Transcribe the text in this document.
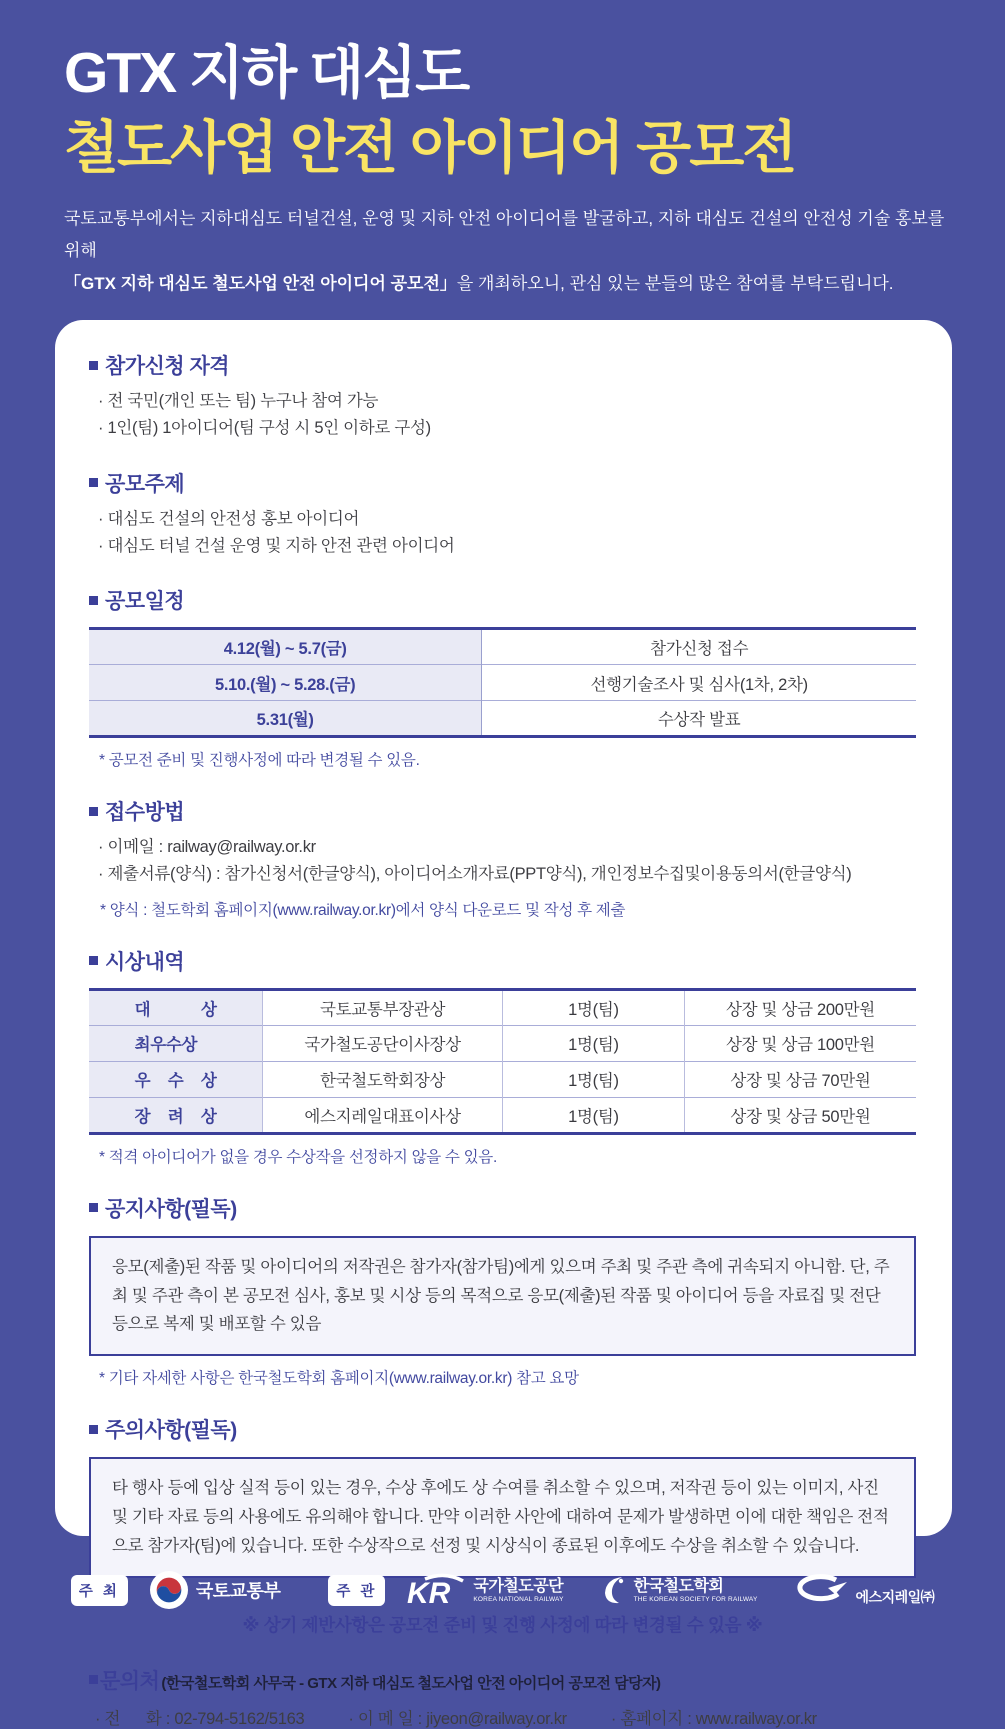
GTX 지하 대심도
철도사업 안전 아이디어 공모전
국토교통부에서는 지하대심도 터널건설, 운영 및 지하 안전 아이디어를 발굴하고, 지하 대심도 건설의 안전성 기술 홍보를 위해
「GTX 지하 대심도 철도사업 안전 아이디어 공모전」을 개최하오니, 관심 있는 분들의 많은 참여를 부탁드립니다.
참가신청 자격
· 전 국민(개인 또는 팀) 누구나 참여 가능
· 1인(팀) 1아이디어(팀 구성 시 5인 이하로 구성)
공모주제
· 대심도 건설의 안전성 홍보 아이디어
· 대심도 터널 건설 운영 및 지하 안전 관련 아이디어
공모일정
4.12(월) ~ 5.7(금)	참가신청 접수
5.10.(월) ~ 5.28.(금)	선행기술조사 및 심사(1차, 2차)
5.31(월)	수상작 발표
* 공모전 준비 및 진행사정에 따라 변경될 수 있음.
접수방법
· 이메일 : railway@railway.or.kr
· 제출서류(양식) : 참가신청서(한글양식), 아이디어소개자료(PPT양식), 개인정보수집및이용동의서(한글양식)
* 양식 : 철도학회 홈페이지(www.railway.or.kr)에서 양식 다운로드 및 작성 후 제출
시상내역
대 상	국토교통부장관상	1명(팀)	상장 및 상금 200만원
최우수상	국가철도공단이사장상	1명(팀)	상장 및 상금 100만원
우 수 상	한국철도학회장상	1명(팀)	상장 및 상금 70만원
장 려 상	에스지레일대표이사상	1명(팀)	상장 및 상금 50만원
* 적격 아이디어가 없을 경우 수상작을 선정하지 않을 수 있음.
공지사항(필독)
응모(제출)된 작품 및 아이디어의 저작권은 참가자(참가팀)에게 있으며 주최 및 주관 측에 귀속되지 아니함. 단, 주최 및 주관 측이 본 공모전 심사, 홍보 및 시상 등의 목적으로 응모(제출)된 작품 및 아이디어 등을 자료집 및 전단 등으로 복제 및 배포할 수 있음
* 기타 자세한 사항은 한국철도학회 홈페이지(www.railway.or.kr) 참고 요망
주의사항(필독)
타 행사 등에 입상 실적 등이 있는 경우, 수상 후에도 상 수여를 취소할 수 있으며, 저작권 등이 있는 이미지, 사진 및 기타 자료 등의 사용에도 유의해야 합니다. 만약 이러한 사안에 대하여 문제가 발생하면 이에 대한 책임은 전적으로 참가자(팀)에 있습니다. 또한 수상작으로 선정 및 시상식이 종료된 이후에도 수상을 취소할 수 있습니다.
※ 상기 제반사항은 공모전 준비 및 진행 사정에 따라 변경될 수 있음 ※
문의처 (한국철도학회 사무국 - GTX 지하 대심도 철도사업 안전 아이디어 공모전 담당자)
· 전      화 : 02-794-5162/5163	· 이 메 일 : jiyeon@railway.or.kr	· 홈페이지 : www.railway.or.kr
주 최	국토교통부	주 관 KR 국가철도공단
KOREA NATIONAL RAILWAY
한국철도학회
THE KOREAN SOCIETY FOR RAILWAY	에스지레일㈜
